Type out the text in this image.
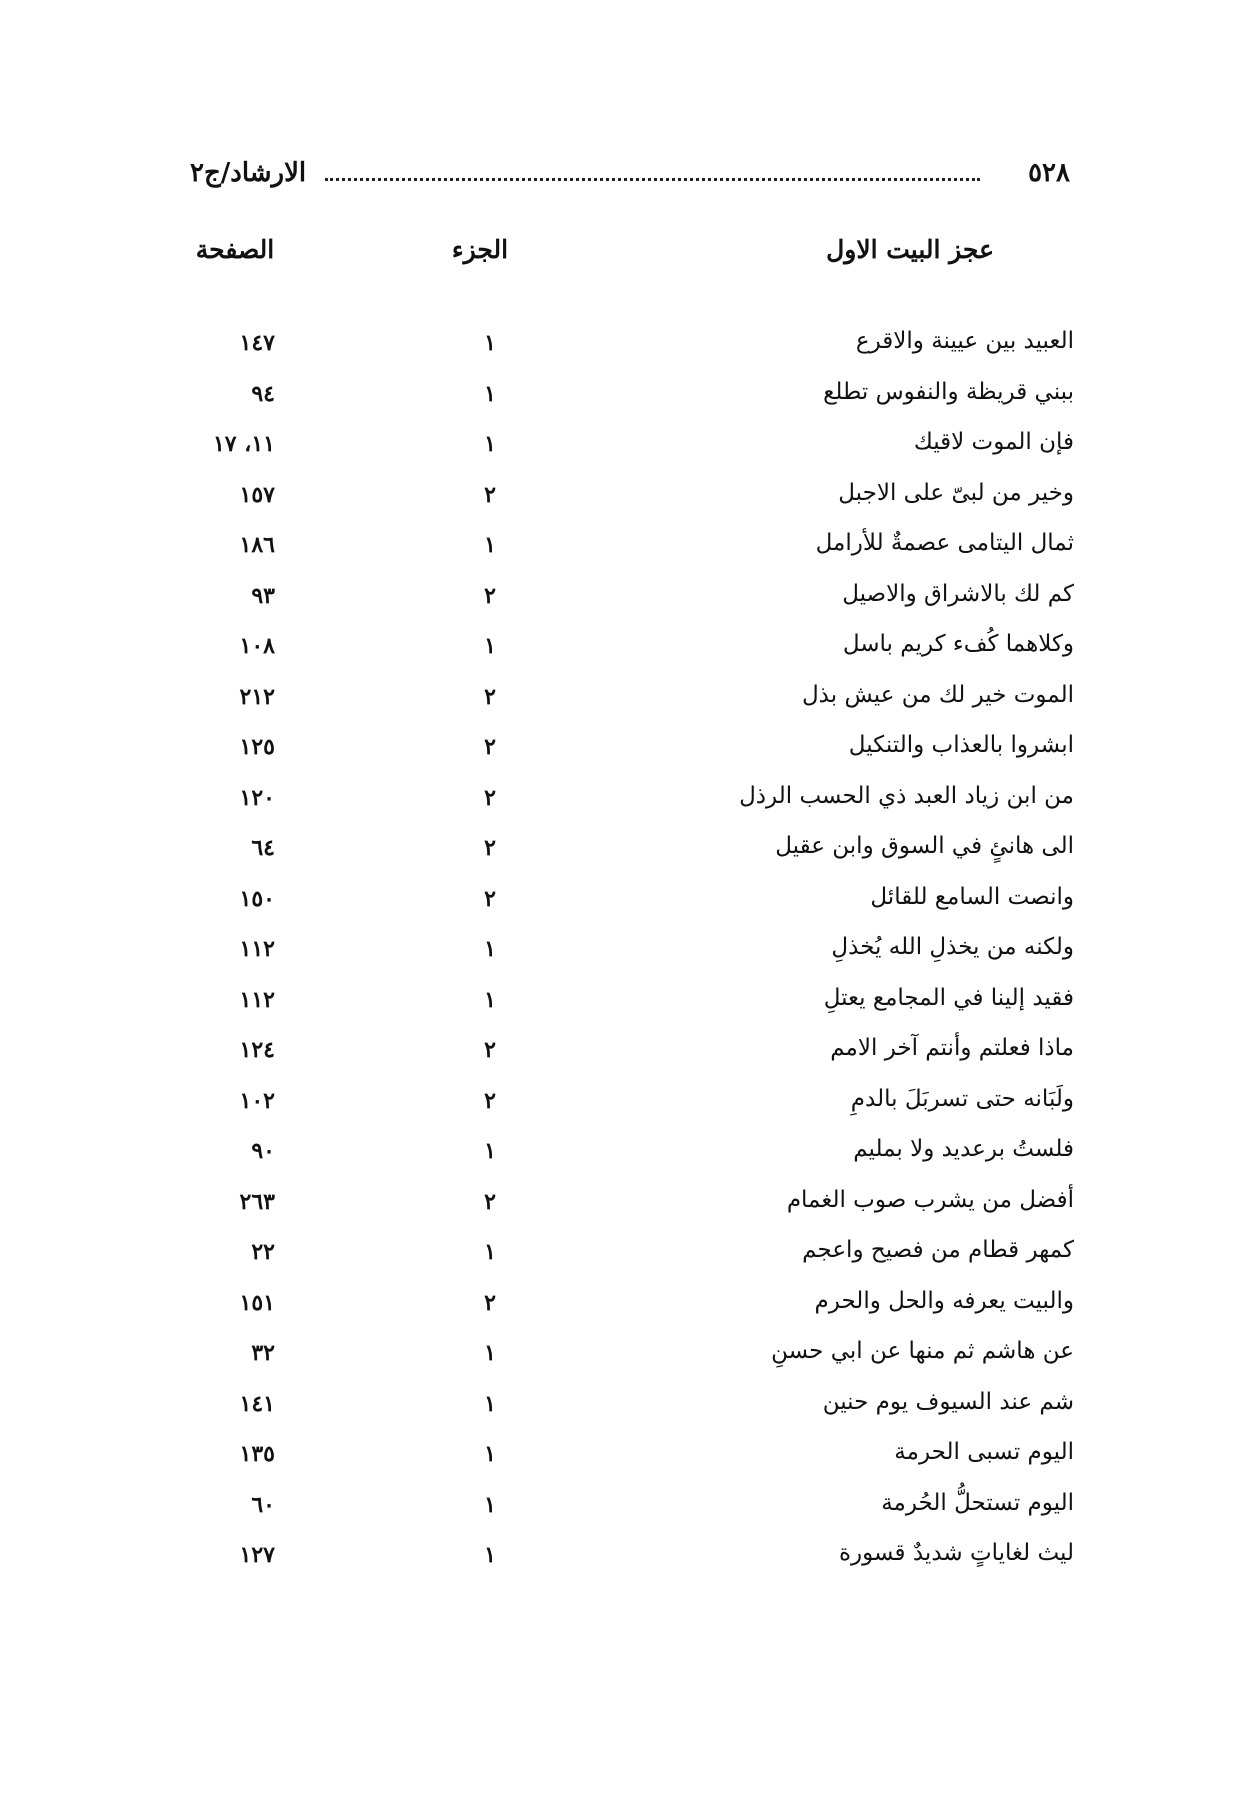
الارشاد/ج٢	٥٢٨
عجز البيت الاول
الجزء
الصفحة
العبيد بين عيينة والاقرع
١
١٤٧
ببني قريظة والنفوس تطلع
١
٩٤
فإن الموت لاقيك
١
١١، ١٧
وخير من لبىّ على الاجبل
٢
١٥٧
ثمال اليتامى عصمةٌ للأرامل
١
١٨٦
كم لك بالاشراق والاصيل
٢
٩٣
وكلاهما كُفء كريم باسل
١
١٠٨
الموت خير لك من عيش بذل
٢
٢١٢
ابشروا بالعذاب والتنكيل
٢
١٢٥
من ابن زياد العبد ذي الحسب الرذل
٢
١٢٠
الى هانئٍ في السوق وابن عقيل
٢
٦٤
وانصت السامع للقائل
٢
١٥٠
ولكنه من يخذلِ الله يُخذلِ
١
١١٢
فقيد إلينا في المجامع يعتلِ
١
١١٢
ماذا فعلتم وأنتم آخر الامم
٢
١٢٤
ولَبَانه حتى تسربَلَ بالدمِ
٢
١٠٢
فلستُ برعديد ولا بمليم
١
٩٠
أفضل من يشرب صوب الغمام
٢
٢٦٣
كمهر قطام من فصيح واعجم
١
٢٢
والبيت يعرفه والحل والحرم
٢
١٥١
عن هاشم ثم منها عن ابي حسنِ
١
٣٢
شم عند السيوف يوم حنين
١
١٤١
اليوم تسبى الحرمة
١
١٣٥
اليوم تستحلُّ الحُرمة
١
٦٠
ليث لغاياتٍ شديدٌ قسورة
١
١٢٧
